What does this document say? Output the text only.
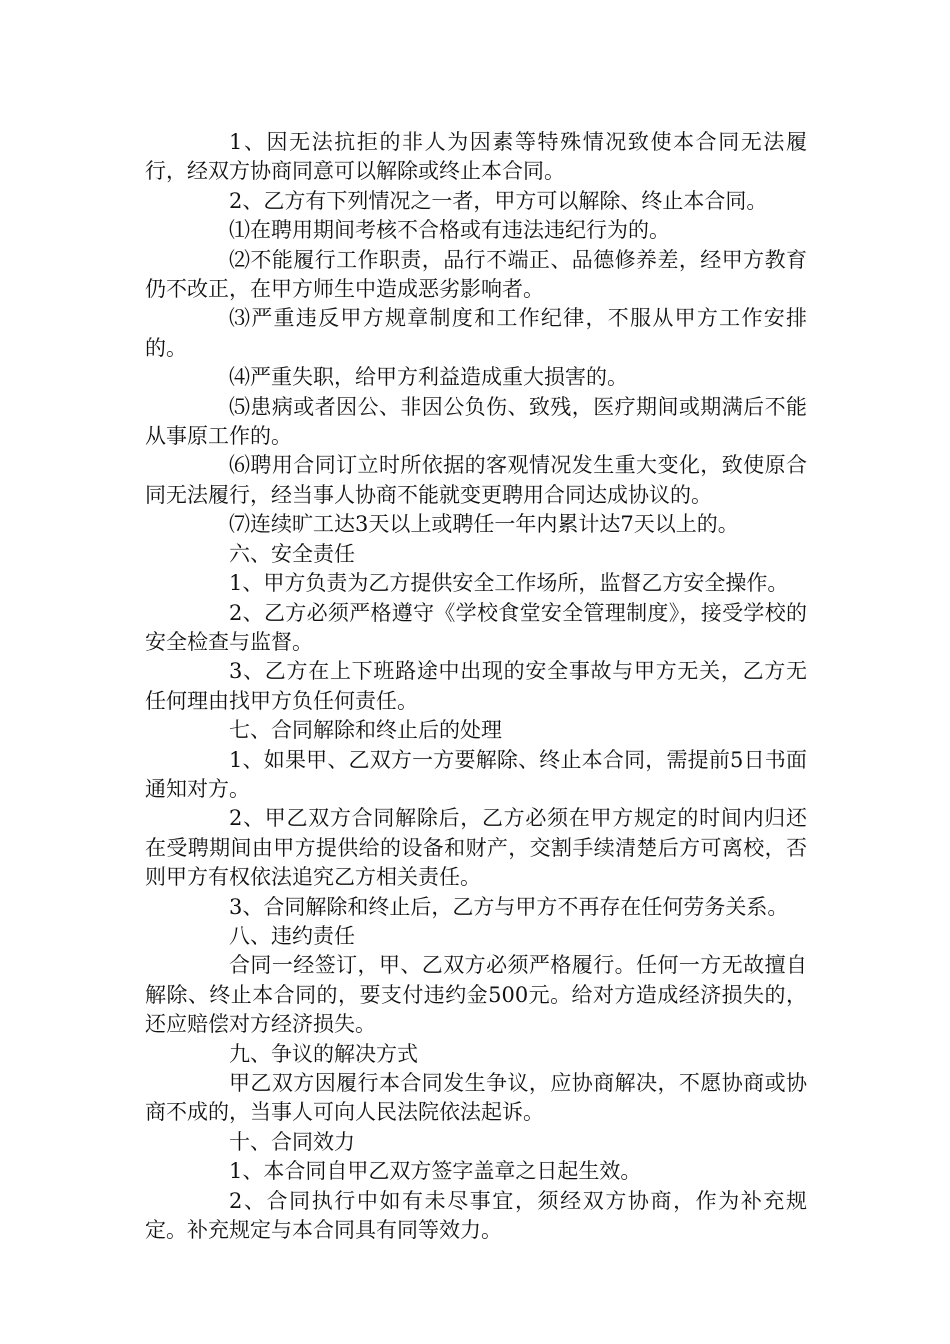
1、因无法抗拒的非人为因素等特殊情况致使本合同无法履行，经双方协商同意可以解除或终止本合同。

2、乙方有下列情况之一者，甲方可以解除、终止本合同。

⑴在聘用期间考核不合格或有违法违纪行为的。

⑵不能履行工作职责，品行不端正、品德修养差，经甲方教育仍不改正，在甲方师生中造成恶劣影响者。

⑶严重违反甲方规章制度和工作纪律，不服从甲方工作安排的。

⑷严重失职，给甲方利益造成重大损害的。

⑸患病或者因公、非因公负伤、致残，医疗期间或期满后不能从事原工作的。

⑹聘用合同订立时所依据的客观情况发生重大变化，致使原合同无法履行，经当事人协商不能就变更聘用合同达成协议的。

⑺连续旷工达3天以上或聘任一年内累计达7天以上的。

六、安全责任

1、甲方负责为乙方提供安全工作场所，监督乙方安全操作。

2、乙方必须严格遵守《学校食堂安全管理制度》，接受学校的安全检查与监督。

3、乙方在上下班路途中出现的安全事故与甲方无关，乙方无任何理由找甲方负任何责任。

七、合同解除和终止后的处理

1、如果甲、乙双方一方要解除、终止本合同，需提前5日书面通知对方。

2、甲乙双方合同解除后，乙方必须在甲方规定的时间内归还在受聘期间由甲方提供给的设备和财产，交割手续清楚后方可离校，否则甲方有权依法追究乙方相关责任。

3、合同解除和终止后，乙方与甲方不再存在任何劳务关系。

八、违约责任

合同一经签订，甲、乙双方必须严格履行。任何一方无故擅自解除、终止本合同的，要支付违约金500元。给对方造成经济损失的，还应赔偿对方经济损失。

九、争议的解决方式

甲乙双方因履行本合同发生争议，应协商解决，不愿协商或协商不成的，当事人可向人民法院依法起诉。

十、合同效力

1、本合同自甲乙双方签字盖章之日起生效。

2、合同执行中如有未尽事宜，须经双方协商，作为补充规定。补充规定与本合同具有同等效力。
